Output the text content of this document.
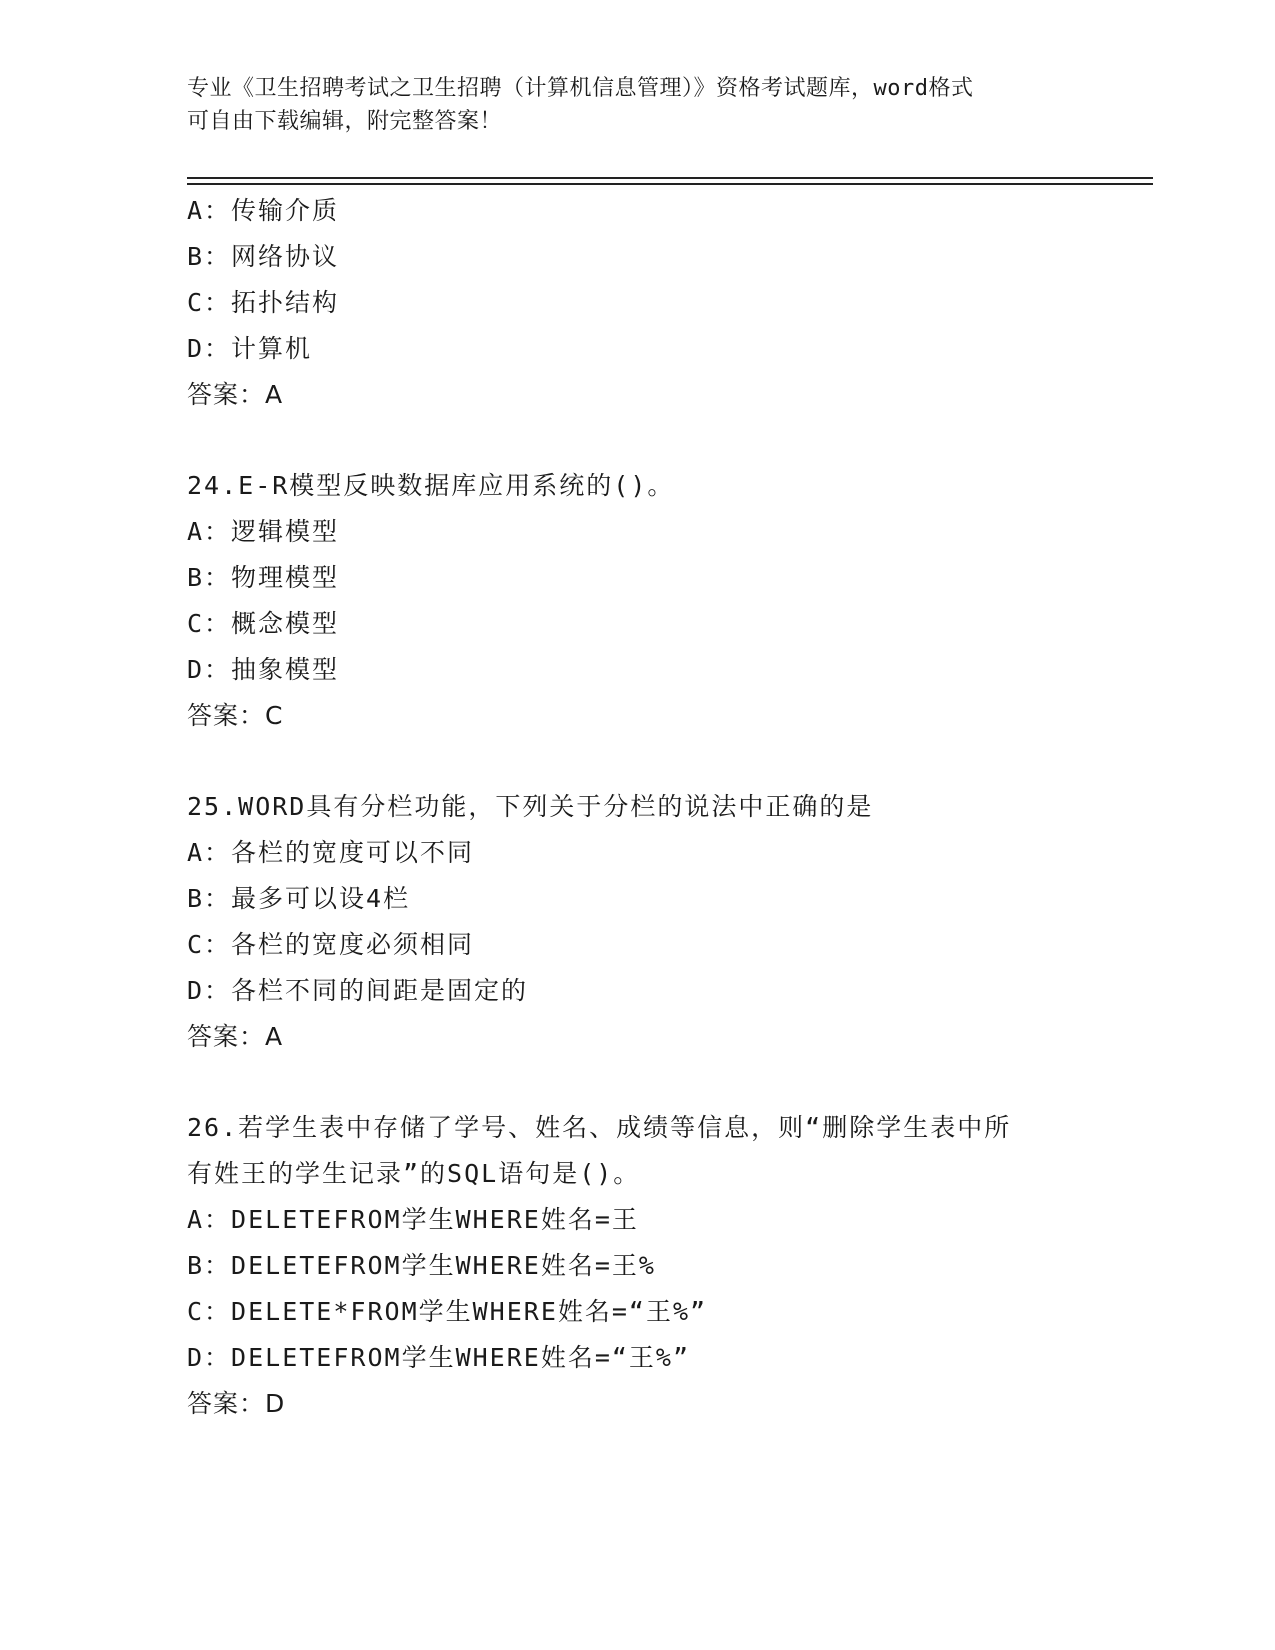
专业《卫生招聘考试之卫生招聘（计算机信息管理）》资格考试题库，word格式
可自由下载编辑，附完整答案！
A：传输介质
B：网络协议
C：拓扑结构
D：计算机
答案：A
24.E-R模型反映数据库应用系统的()。
A：逻辑模型
B：物理模型
C：概念模型
D：抽象模型
答案：C
25.WORD具有分栏功能，下列关于分栏的说法中正确的是
A：各栏的宽度可以不同
B：最多可以设4栏
C：各栏的宽度必须相同
D：各栏不同的间距是固定的
答案：A
26.若学生表中存储了学号、姓名、成绩等信息，则“删除学生表中所
有姓王的学生记录”的SQL语句是()。
A：DELETEFROM学生WHERE姓名=王
B：DELETEFROM学生WHERE姓名=王%
C：DELETE*FROM学生WHERE姓名=“王%”
D：DELETEFROM学生WHERE姓名=“王%”
答案：D
